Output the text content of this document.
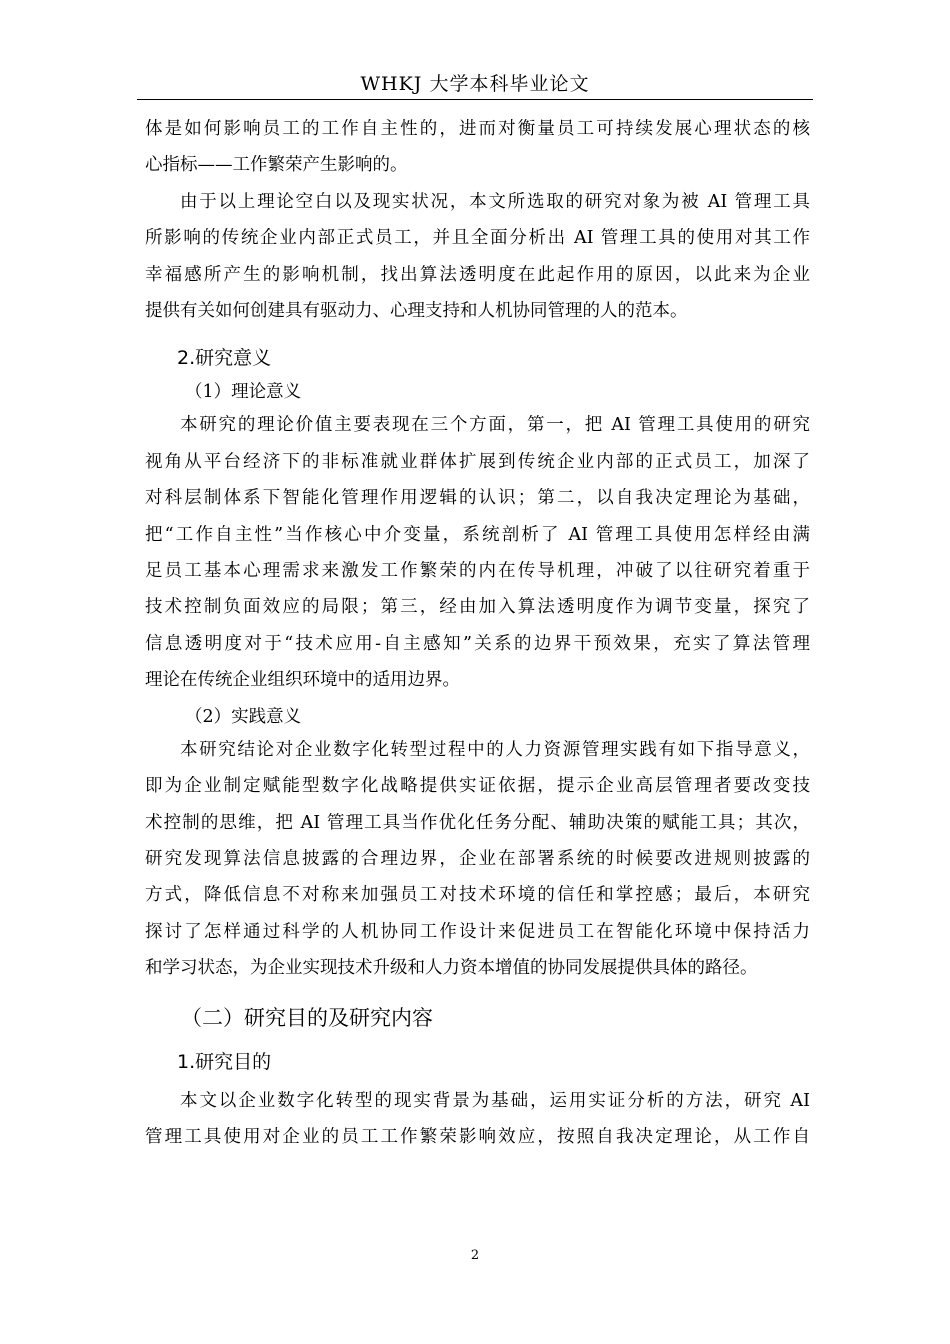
WHKJ 大学本科毕业论文

体是如何影响员工的工作自主性的，进而对衡量员工可持续发展心理状态的核
心指标——工作繁荣产生影响的。

由于以上理论空白以及现实状况，本文所选取的研究对象为被 AI 管理工具
所影响的传统企业内部正式员工，并且全面分析出 AI 管理工具的使用对其工作
幸福感所产生的影响机制，找出算法透明度在此起作用的原因，以此来为企业
提供有关如何创建具有驱动力、心理支持和人机协同管理的人的范本。

2.研究意义
（1）理论意义

本研究的理论价值主要表现在三个方面，第一，把 AI 管理工具使用的研究
视角从平台经济下的非标准就业群体扩展到传统企业内部的正式员工，加深了
对科层制体系下智能化管理作用逻辑的认识；第二，以自我决定理论为基础，
把“工作自主性”当作核心中介变量，系统剖析了 AI 管理工具使用怎样经由满
足员工基本心理需求来激发工作繁荣的内在传导机理，冲破了以往研究着重于
技术控制负面效应的局限；第三，经由加入算法透明度作为调节变量，探究了
信息透明度对于“技术应用-自主感知”关系的边界干预效果，充实了算法管理
理论在传统企业组织环境中的适用边界。

（2）实践意义

本研究结论对企业数字化转型过程中的人力资源管理实践有如下指导意义，
即为企业制定赋能型数字化战略提供实证依据，提示企业高层管理者要改变技
术控制的思维，把 AI 管理工具当作优化任务分配、辅助决策的赋能工具；其次，
研究发现算法信息披露的合理边界，企业在部署系统的时候要改进规则披露的
方式，降低信息不对称来加强员工对技术环境的信任和掌控感；最后，本研究
探讨了怎样通过科学的人机协同工作设计来促进员工在智能化环境中保持活力
和学习状态，为企业实现技术升级和人力资本增值的协同发展提供具体的路径。

（二）研究目的及研究内容
1.研究目的

本文以企业数字化转型的现实背景为基础，运用实证分析的方法，研究 AI
管理工具使用对企业的员工工作繁荣影响效应，按照自我决定理论，从工作自

2
